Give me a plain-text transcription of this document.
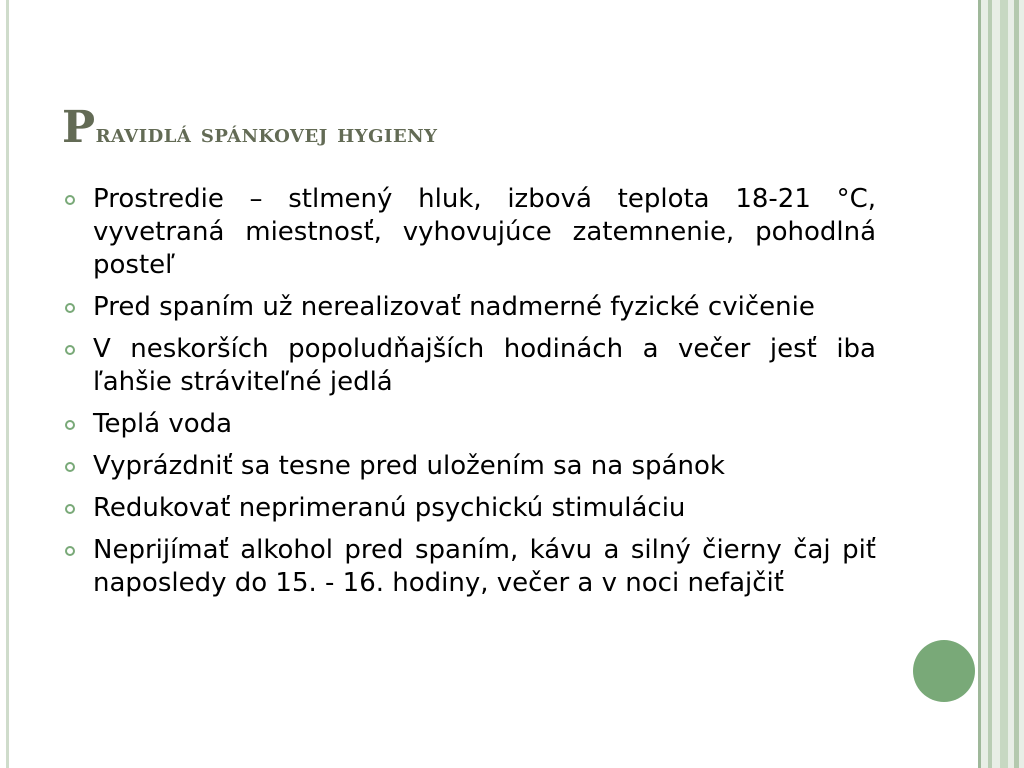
Pravidlá spánkovej hygieny
Prostredie – stlmený hluk, izbová teplota 18-21 °C, vyvetraná miestnosť, vyhovujúce zatemnenie, pohodlná posteľ
Pred spaním už nerealizovať nadmerné fyzické cvičenie
V neskorších popoludňajších hodinách a večer jesť iba ľahšie stráviteľné jedlá
Teplá voda
Vyprázdniť sa tesne pred uložením sa na spánok
Redukovať neprimeranú psychickú stimuláciu
Neprijímať alkohol pred spaním, kávu a silný čierny čaj piť naposledy do 15. - 16. hodiny, večer a v noci nefajčiť
